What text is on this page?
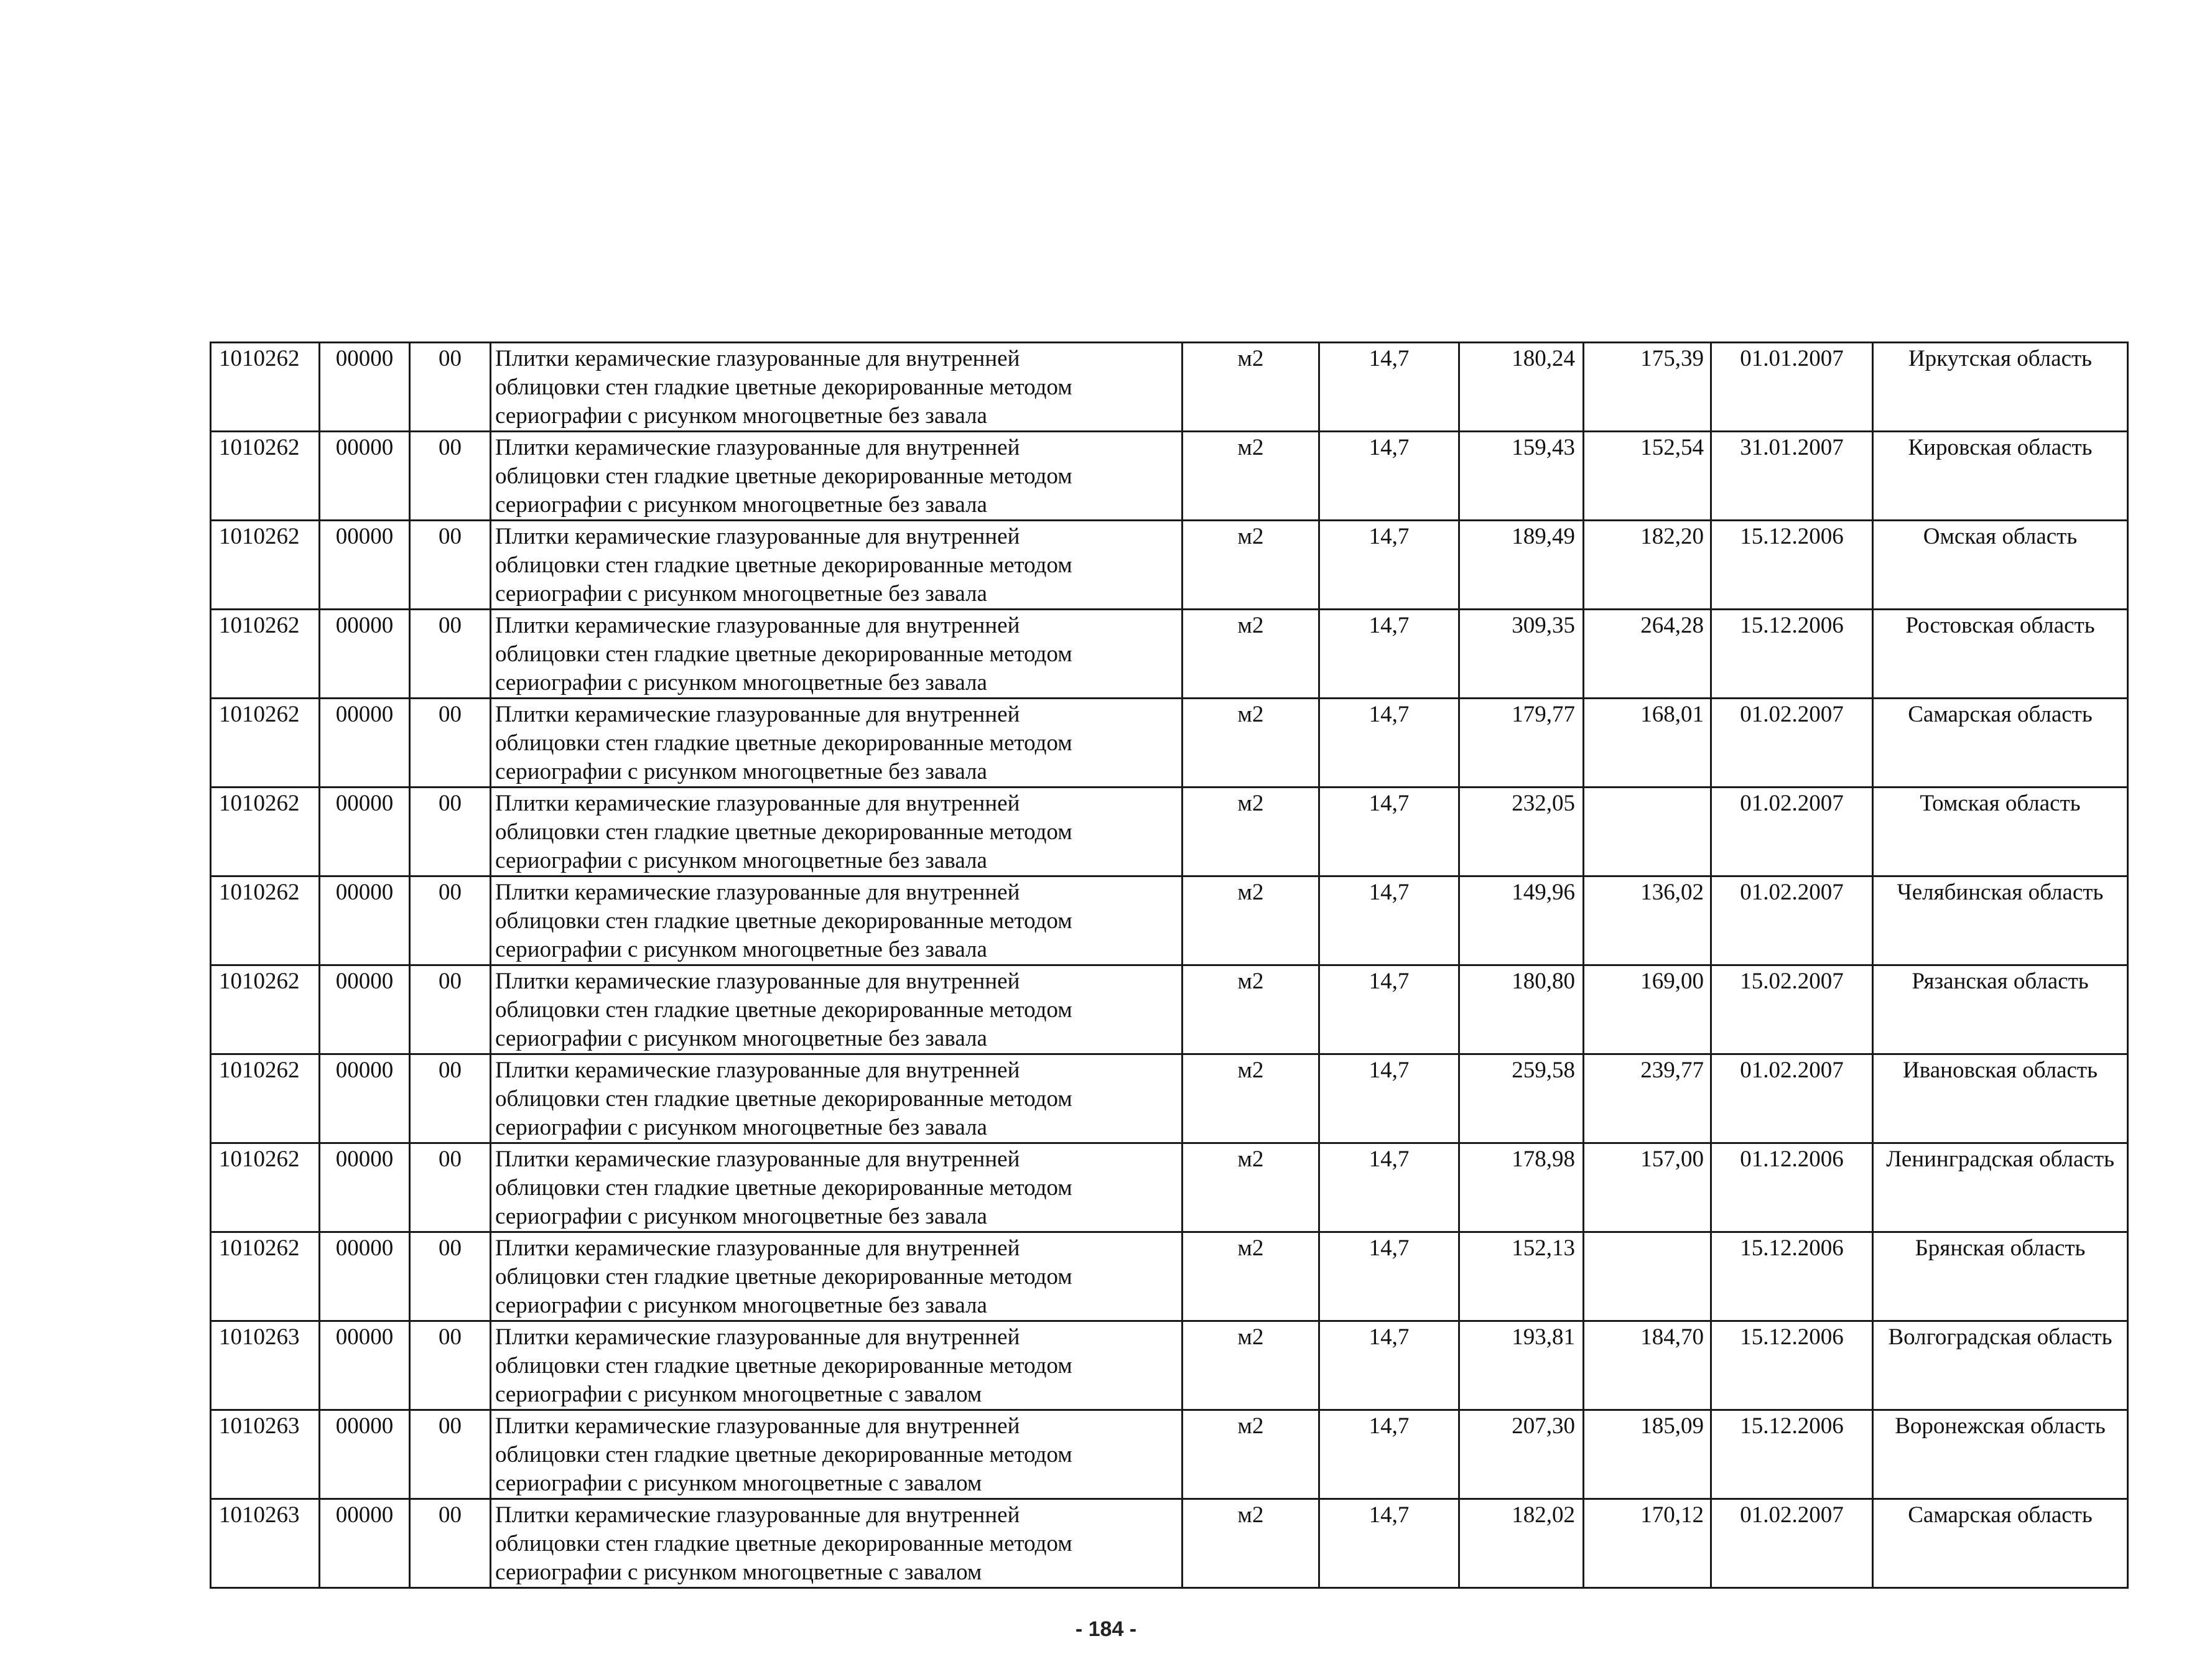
1010262	00000	00	Плитки керамические глазурованные для внутренней
облицовки стен гладкие цветные декорированные методом
сериографии с рисунком многоцветные без завала	м2	14,7	180,24	175,39	01.01.2007	Иркутская область
1010262	00000	00	Плитки керамические глазурованные для внутренней
облицовки стен гладкие цветные декорированные методом
сериографии с рисунком многоцветные без завала	м2	14,7	159,43	152,54	31.01.2007	Кировская область
1010262	00000	00	Плитки керамические глазурованные для внутренней
облицовки стен гладкие цветные декорированные методом
сериографии с рисунком многоцветные без завала	м2	14,7	189,49	182,20	15.12.2006	Омская область
1010262	00000	00	Плитки керамические глазурованные для внутренней
облицовки стен гладкие цветные декорированные методом
сериографии с рисунком многоцветные без завала	м2	14,7	309,35	264,28	15.12.2006	Ростовская область
1010262	00000	00	Плитки керамические глазурованные для внутренней
облицовки стен гладкие цветные декорированные методом
сериографии с рисунком многоцветные без завала	м2	14,7	179,77	168,01	01.02.2007	Самарская область
1010262	00000	00	Плитки керамические глазурованные для внутренней
облицовки стен гладкие цветные декорированные методом
сериографии с рисунком многоцветные без завала	м2	14,7	232,05		01.02.2007	Томская область
1010262	00000	00	Плитки керамические глазурованные для внутренней
облицовки стен гладкие цветные декорированные методом
сериографии с рисунком многоцветные без завала	м2	14,7	149,96	136,02	01.02.2007	Челябинская область
1010262	00000	00	Плитки керамические глазурованные для внутренней
облицовки стен гладкие цветные декорированные методом
сериографии с рисунком многоцветные без завала	м2	14,7	180,80	169,00	15.02.2007	Рязанская область
1010262	00000	00	Плитки керамические глазурованные для внутренней
облицовки стен гладкие цветные декорированные методом
сериографии с рисунком многоцветные без завала	м2	14,7	259,58	239,77	01.02.2007	Ивановская область
1010262	00000	00	Плитки керамические глазурованные для внутренней
облицовки стен гладкие цветные декорированные методом
сериографии с рисунком многоцветные без завала	м2	14,7	178,98	157,00	01.12.2006	Ленинградская область
1010262	00000	00	Плитки керамические глазурованные для внутренней
облицовки стен гладкие цветные декорированные методом
сериографии с рисунком многоцветные без завала	м2	14,7	152,13		15.12.2006	Брянская область
1010263	00000	00	Плитки керамические глазурованные для внутренней
облицовки стен гладкие цветные декорированные методом
сериографии с рисунком многоцветные с завалом	м2	14,7	193,81	184,70	15.12.2006	Волгоградская область
1010263	00000	00	Плитки керамические глазурованные для внутренней
облицовки стен гладкие цветные декорированные методом
сериографии с рисунком многоцветные с завалом	м2	14,7	207,30	185,09	15.12.2006	Воронежская область
1010263	00000	00	Плитки керамические глазурованные для внутренней
облицовки стен гладкие цветные декорированные методом
сериографии с рисунком многоцветные с завалом	м2	14,7	182,02	170,12	01.02.2007	Самарская область
- 184 -
